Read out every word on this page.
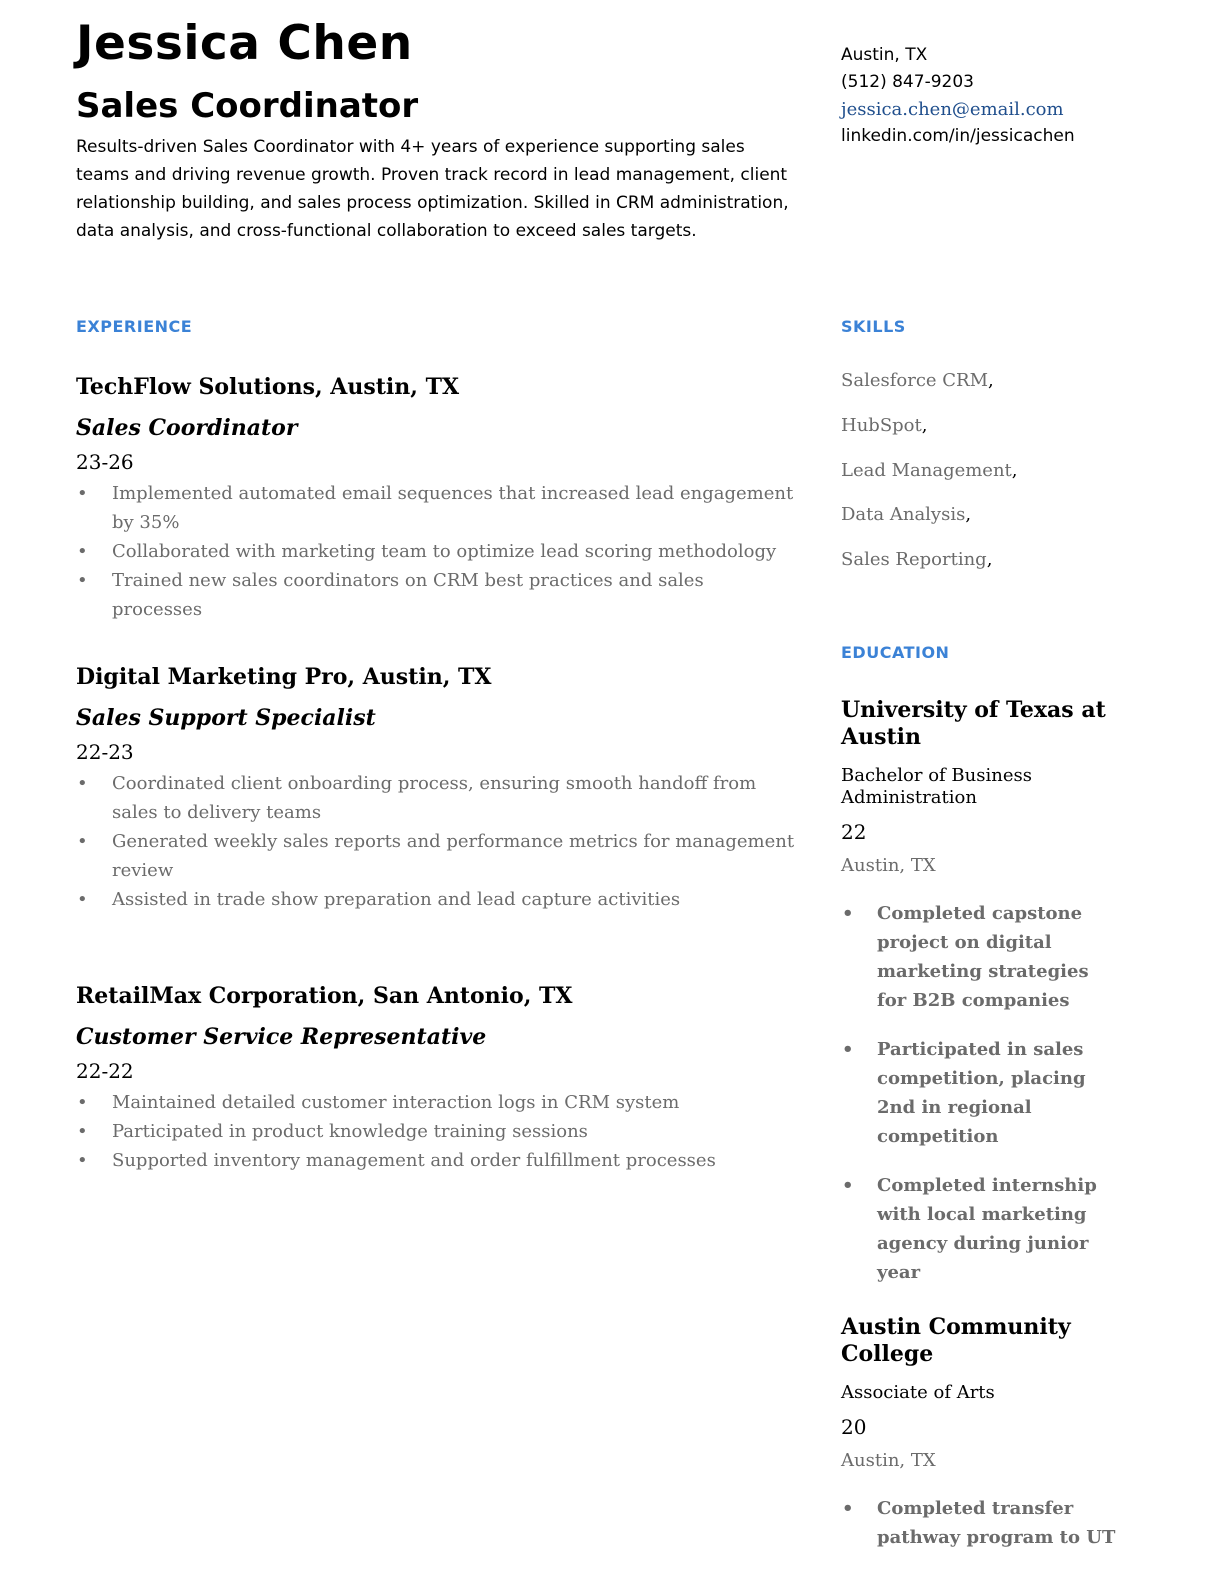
Jessica Chen
Sales Coordinator
Results-driven Sales Coordinator with 4+ years of experience supporting sales teams and driving revenue growth. Proven track record in lead management, client relationship building, and sales process optimization. Skilled in CRM administration, data analysis, and cross-functional collaboration to exceed sales targets.
Austin, TX
(512) 847-9203
jessica.chen@email.com
linkedin.com/in/jessicachen
EXPERIENCE	SKILLS
EDUCATION
TechFlow Solutions, Austin, TX
Sales Coordinator
23-26
• Implemented automated email sequences that increased lead engagement by 35%
• Collaborated with marketing team to optimize lead scoring methodology
• Trained new sales coordinators on CRM best practices and sales processes
Digital Marketing Pro, Austin, TX
Sales Support Specialist
22-23
• Coordinated client onboarding process, ensuring smooth handoff from sales to delivery teams
• Generated weekly sales reports and performance metrics for management review
• Assisted in trade show preparation and lead capture activities
RetailMax Corporation, San Antonio, TX
Customer Service Representative
22-22
• Maintained detailed customer interaction logs in CRM system
• Participated in product knowledge training sessions
• Supported inventory management and order fulfillment processes
Salesforce CRM,
HubSpot,
Lead Management,
Data Analysis,
Sales Reporting,
University of Texas at Austin
Bachelor of Business Administration
22
Austin, TX
• Completed capstone project on digital marketing strategies for B2B companies
• Participated in sales competition, placing 2nd in regional competition
• Completed internship with local marketing agency during junior year
Austin Community College
Associate of Arts
20
Austin, TX
• Completed transfer pathway program to UT
